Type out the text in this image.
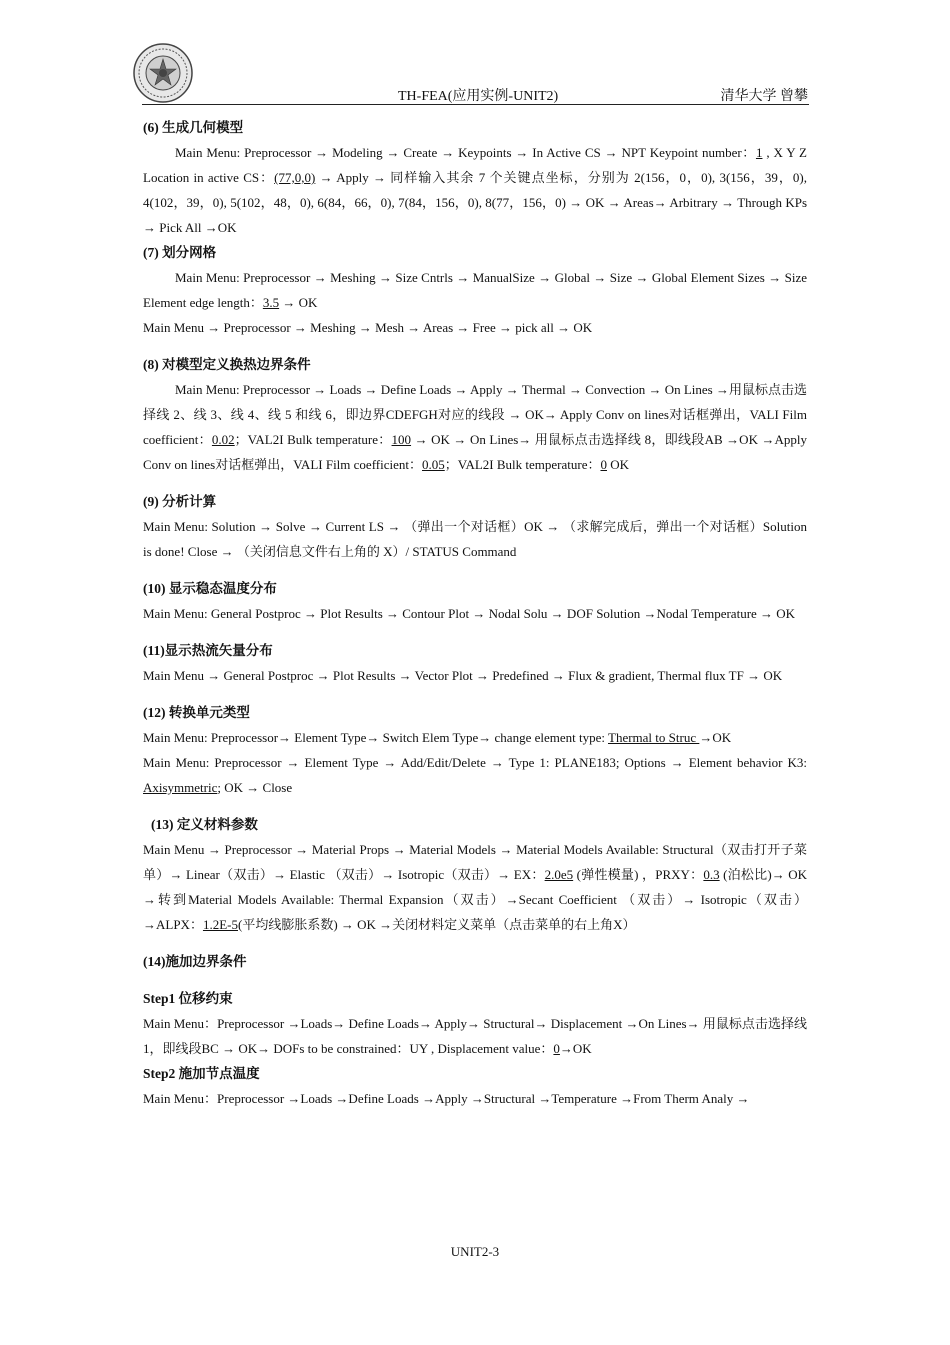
TH-FEA(应用实例-UNIT2)	清华大学 曾攀

(6) 生成几何模型

Main Menu: Preprocessor → Modeling → Create → Keypoints → In Active CS → NPT Keypoint number：1 , X Y Z Location in active CS：(77,0,0) → Apply → 同样输入其余 7 个关键点坐标，分别为 2(156，0，0), 3(156，39，0), 4(102，39，0), 5(102，48，0), 6(84，66，0), 7(84，156，0), 8(77，156，0) → OK → Areas→ Arbitrary → Through KPs → Pick All →OK

(7) 划分网格

Main Menu: Preprocessor → Meshing → Size Cntrls → ManualSize → Global → Size → Global Element Sizes → Size Element edge length：3.5 → OK

Main Menu → Preprocessor → Meshing → Mesh → Areas → Free → pick all → OK

(8) 对模型定义换热边界条件

Main Menu: Preprocessor → Loads → Define Loads → Apply → Thermal → Convection → On Lines →用鼠标点击选择线 2、线 3、线 4、线 5 和线 6，即边界CDEFGH对应的线段 → OK→ Apply Conv on lines对话框弹出，VALI Film coefficient：0.02；VAL2I Bulk temperature：100 → OK → On Lines→ 用鼠标点击选择线 8，即线段AB →OK →Apply Conv on lines对话框弹出，VALI Film coefficient：0.05；VAL2I Bulk temperature：0 OK

(9) 分析计算

Main Menu: Solution → Solve → Current LS → （弹出一个对话框）OK → （求解完成后，弹出一个对话框）Solution is done! Close → （关闭信息文件右上角的 X）/ STATUS Command

(10) 显示稳态温度分布

Main Menu: General Postproc → Plot Results → Contour Plot → Nodal Solu → DOF Solution →Nodal Temperature → OK

(11)显示热流矢量分布

Main Menu → General Postproc → Plot Results → Vector Plot → Predefined → Flux & gradient, Thermal flux TF → OK

(12) 转换单元类型

Main Menu: Preprocessor→ Element Type→ Switch Elem Type→ change element type: Thermal to Struc →OK

Main Menu: Preprocessor → Element Type → Add/Edit/Delete → Type 1: PLANE183; Options → Element behavior K3: Axisymmetric; OK → Close

(13) 定义材料参数

Main Menu → Preprocessor → Material Props → Material Models → Material Models Available: Structural（双击打开子菜单）→ Linear（双击）→ Elastic （双击）→ Isotropic（双击）→ EX：2.0e5 (弹性模量) ，PRXY：0.3 (泊松比)→ OK →转到Material Models Available: Thermal Expansion（双击）→Secant Coefficient （双击）→ Isotropic（双击） →ALPX：1.2E-5(平均线膨胀系数) → OK →关闭材料定义菜单（点击菜单的右上角X）

(14)施加边界条件

Step1 位移约束

Main Menu：Preprocessor →Loads→ Define Loads→ Apply→ Structural→ Displacement →On Lines→ 用鼠标点击选择线 1，即线段BC → OK→ DOFs to be constrained：UY , Displacement value：0→OK

Step2 施加节点温度

Main Menu：Preprocessor →Loads →Define Loads →Apply →Structural →Temperature →From Therm Analy →

UNIT2-3
